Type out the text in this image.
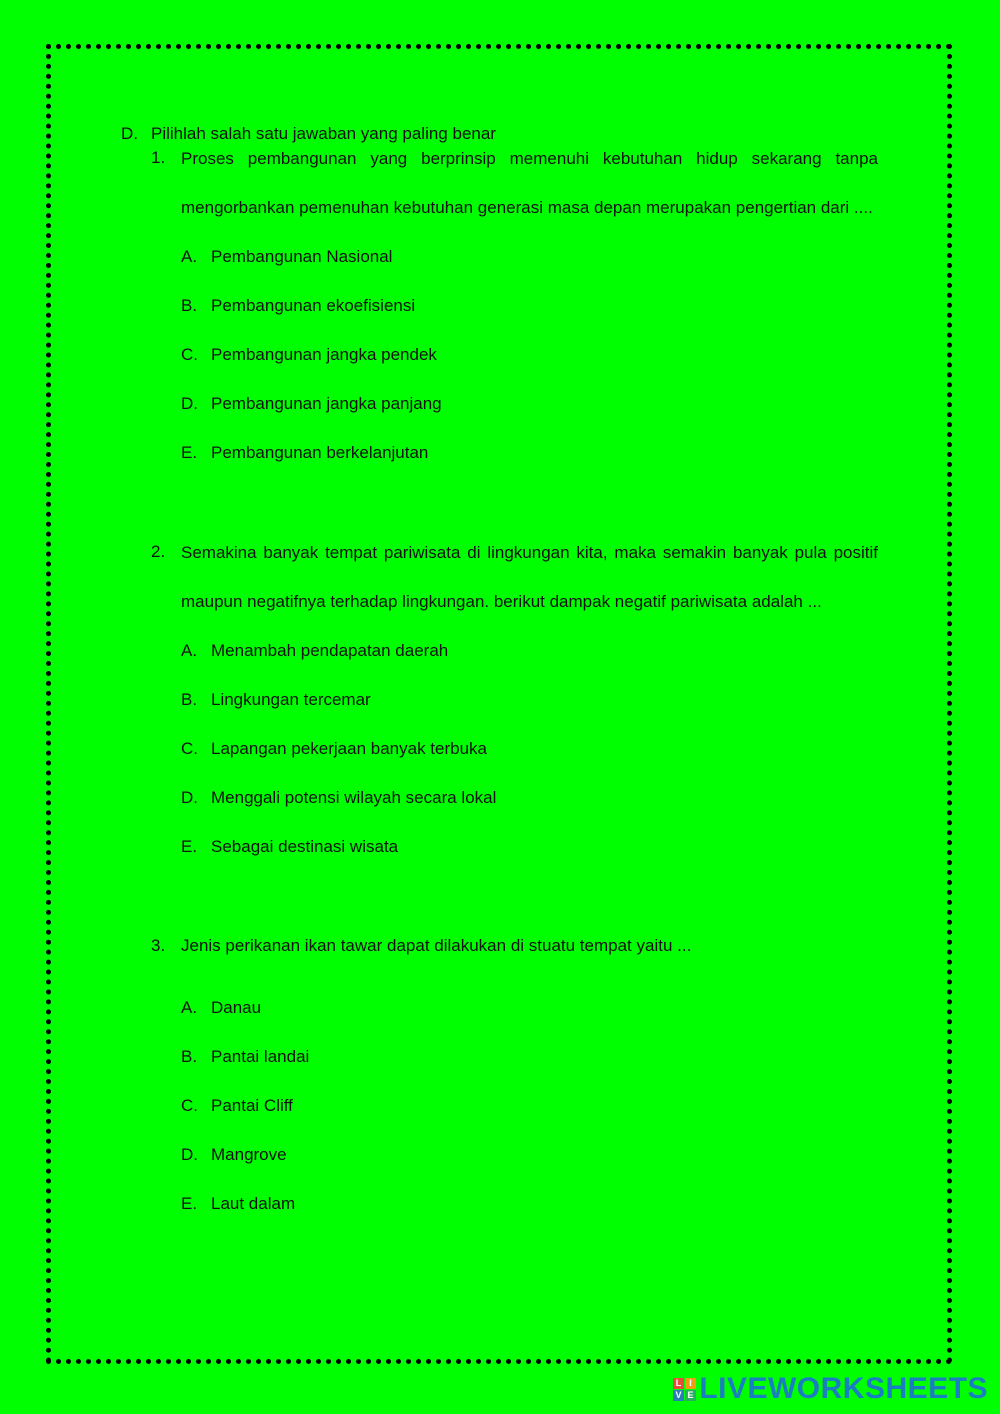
D. Pilihlah salah satu jawaban yang paling benar
1. Proses pembangunan yang berprinsip memenuhi kebutuhan hidup sekarang tanpa mengorbankan pemenuhan kebutuhan generasi masa depan merupakan pengertian dari ....
A. Pembangunan Nasional
B. Pembangunan ekoefisiensi
C. Pembangunan jangka pendek
D. Pembangunan jangka panjang
E. Pembangunan berkelanjutan
2. Semakina banyak tempat pariwisata di lingkungan kita, maka semakin banyak pula positif maupun negatifnya terhadap lingkungan. berikut dampak negatif pariwisata adalah ...
A. Menambah pendapatan daerah
B. Lingkungan tercemar
C. Lapangan pekerjaan banyak terbuka
D. Menggali potensi wilayah secara lokal
E. Sebagai destinasi wisata
3. Jenis perikanan ikan tawar dapat dilakukan di stuatu tempat yaitu ...
A. Danau
B. Pantai landai
C. Pantai Cliff
D. Mangrove
E. Laut dalam
L I
V E LIVEWORKSHEETS
